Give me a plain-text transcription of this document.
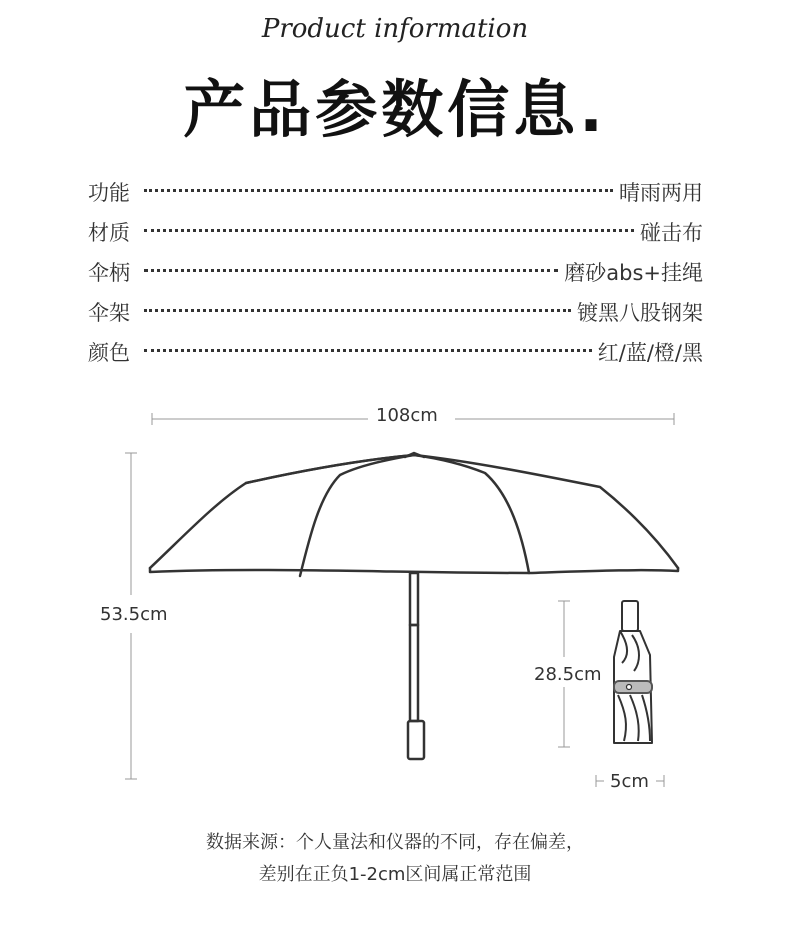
Product information
产品参数信息.
功能	晴雨两用
材质	碰击布
伞柄	磨砂abs+挂绳
伞架	镀黑八股钢架
颜色	红/蓝/橙/黑
108cm
53.5cm
28.5cm
5cm
数据来源：个人量法和仪器的不同，存在偏差，
差别在正负1-2cm区间属正常范围
